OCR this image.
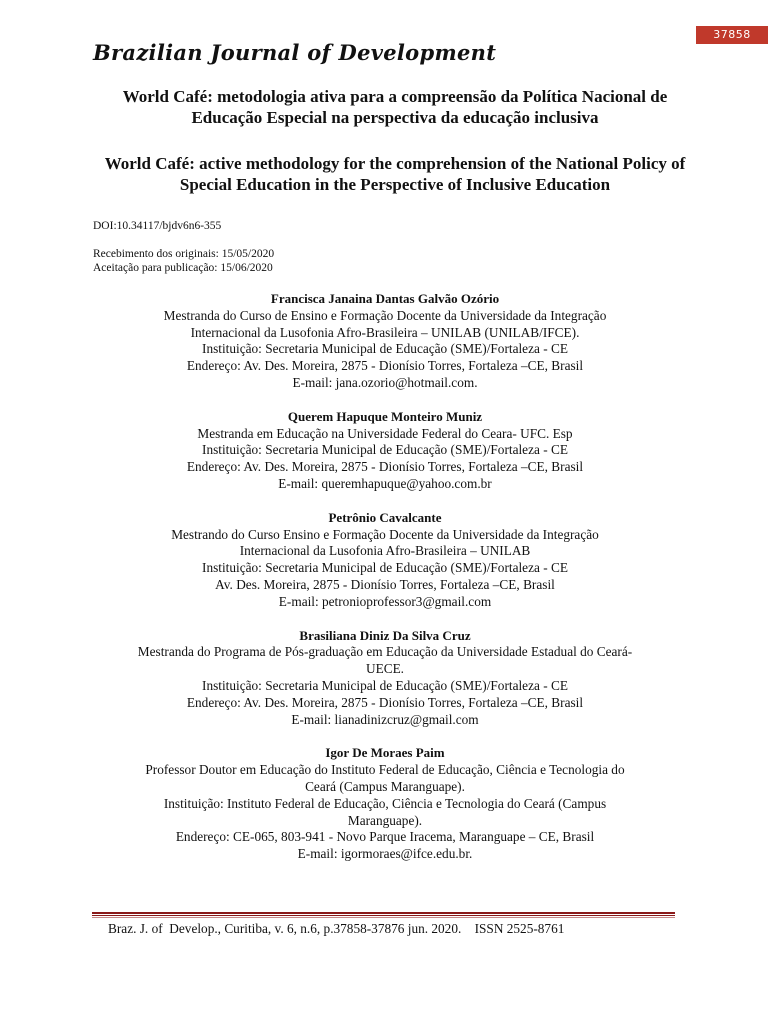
37858
Brazilian Journal of Development
World Café: metodologia ativa para a compreensão da Política Nacional de Educação Especial na perspectiva da educação inclusiva
World Café: active methodology for the comprehension of the National Policy of Special Education in the Perspective of Inclusive Education
DOI:10.34117/bjdv6n6-355
Recebimento dos originais: 15/05/2020
Aceitação para publicação: 15/06/2020
Francisca Janaina Dantas Galvão Ozório
Mestranda do Curso de Ensino e Formação Docente da Universidade da Integração
Internacional da Lusofonia Afro-Brasileira – UNILAB (UNILAB/IFCE).
Instituição: Secretaria Municipal de Educação (SME)/Fortaleza - CE
Endereço: Av. Des. Moreira, 2875 - Dionísio Torres, Fortaleza –CE, Brasil
E-mail: jana.ozorio@hotmail.com.
Querem Hapuque Monteiro Muniz
Mestranda em Educação na Universidade Federal do Ceara- UFC. Esp
Instituição: Secretaria Municipal de Educação (SME)/Fortaleza - CE
Endereço: Av. Des. Moreira, 2875 - Dionísio Torres, Fortaleza –CE, Brasil
E-mail: queremhapuque@yahoo.com.br
Petrônio Cavalcante
Mestrando do Curso Ensino e Formação Docente da Universidade da Integração
Internacional da Lusofonia Afro-Brasileira – UNILAB
Instituição: Secretaria Municipal de Educação (SME)/Fortaleza - CE
Av. Des. Moreira, 2875 - Dionísio Torres, Fortaleza –CE, Brasil
E-mail: petronioprofessor3@gmail.com
Brasiliana Diniz Da Silva Cruz
Mestranda do Programa de Pós-graduação em Educação da Universidade Estadual do Ceará-
UECE.
Instituição: Secretaria Municipal de Educação (SME)/Fortaleza - CE
Endereço: Av. Des. Moreira, 2875 - Dionísio Torres, Fortaleza –CE, Brasil
E-mail: lianadinizcruz@gmail.com
Igor De Moraes Paim
Professor Doutor em Educação do Instituto Federal de Educação, Ciência e Tecnologia do
Ceará (Campus Maranguape).
Instituição: Instituto Federal de Educação, Ciência e Tecnologia do Ceará (Campus
Maranguape).
Endereço: CE-065, 803-941 - Novo Parque Iracema, Maranguape – CE, Brasil
E-mail: igormoraes@ifce.edu.br.
Braz. J. of  Develop., Curitiba, v. 6, n.6, p.37858-37876 jun. 2020.    ISSN 2525-8761
